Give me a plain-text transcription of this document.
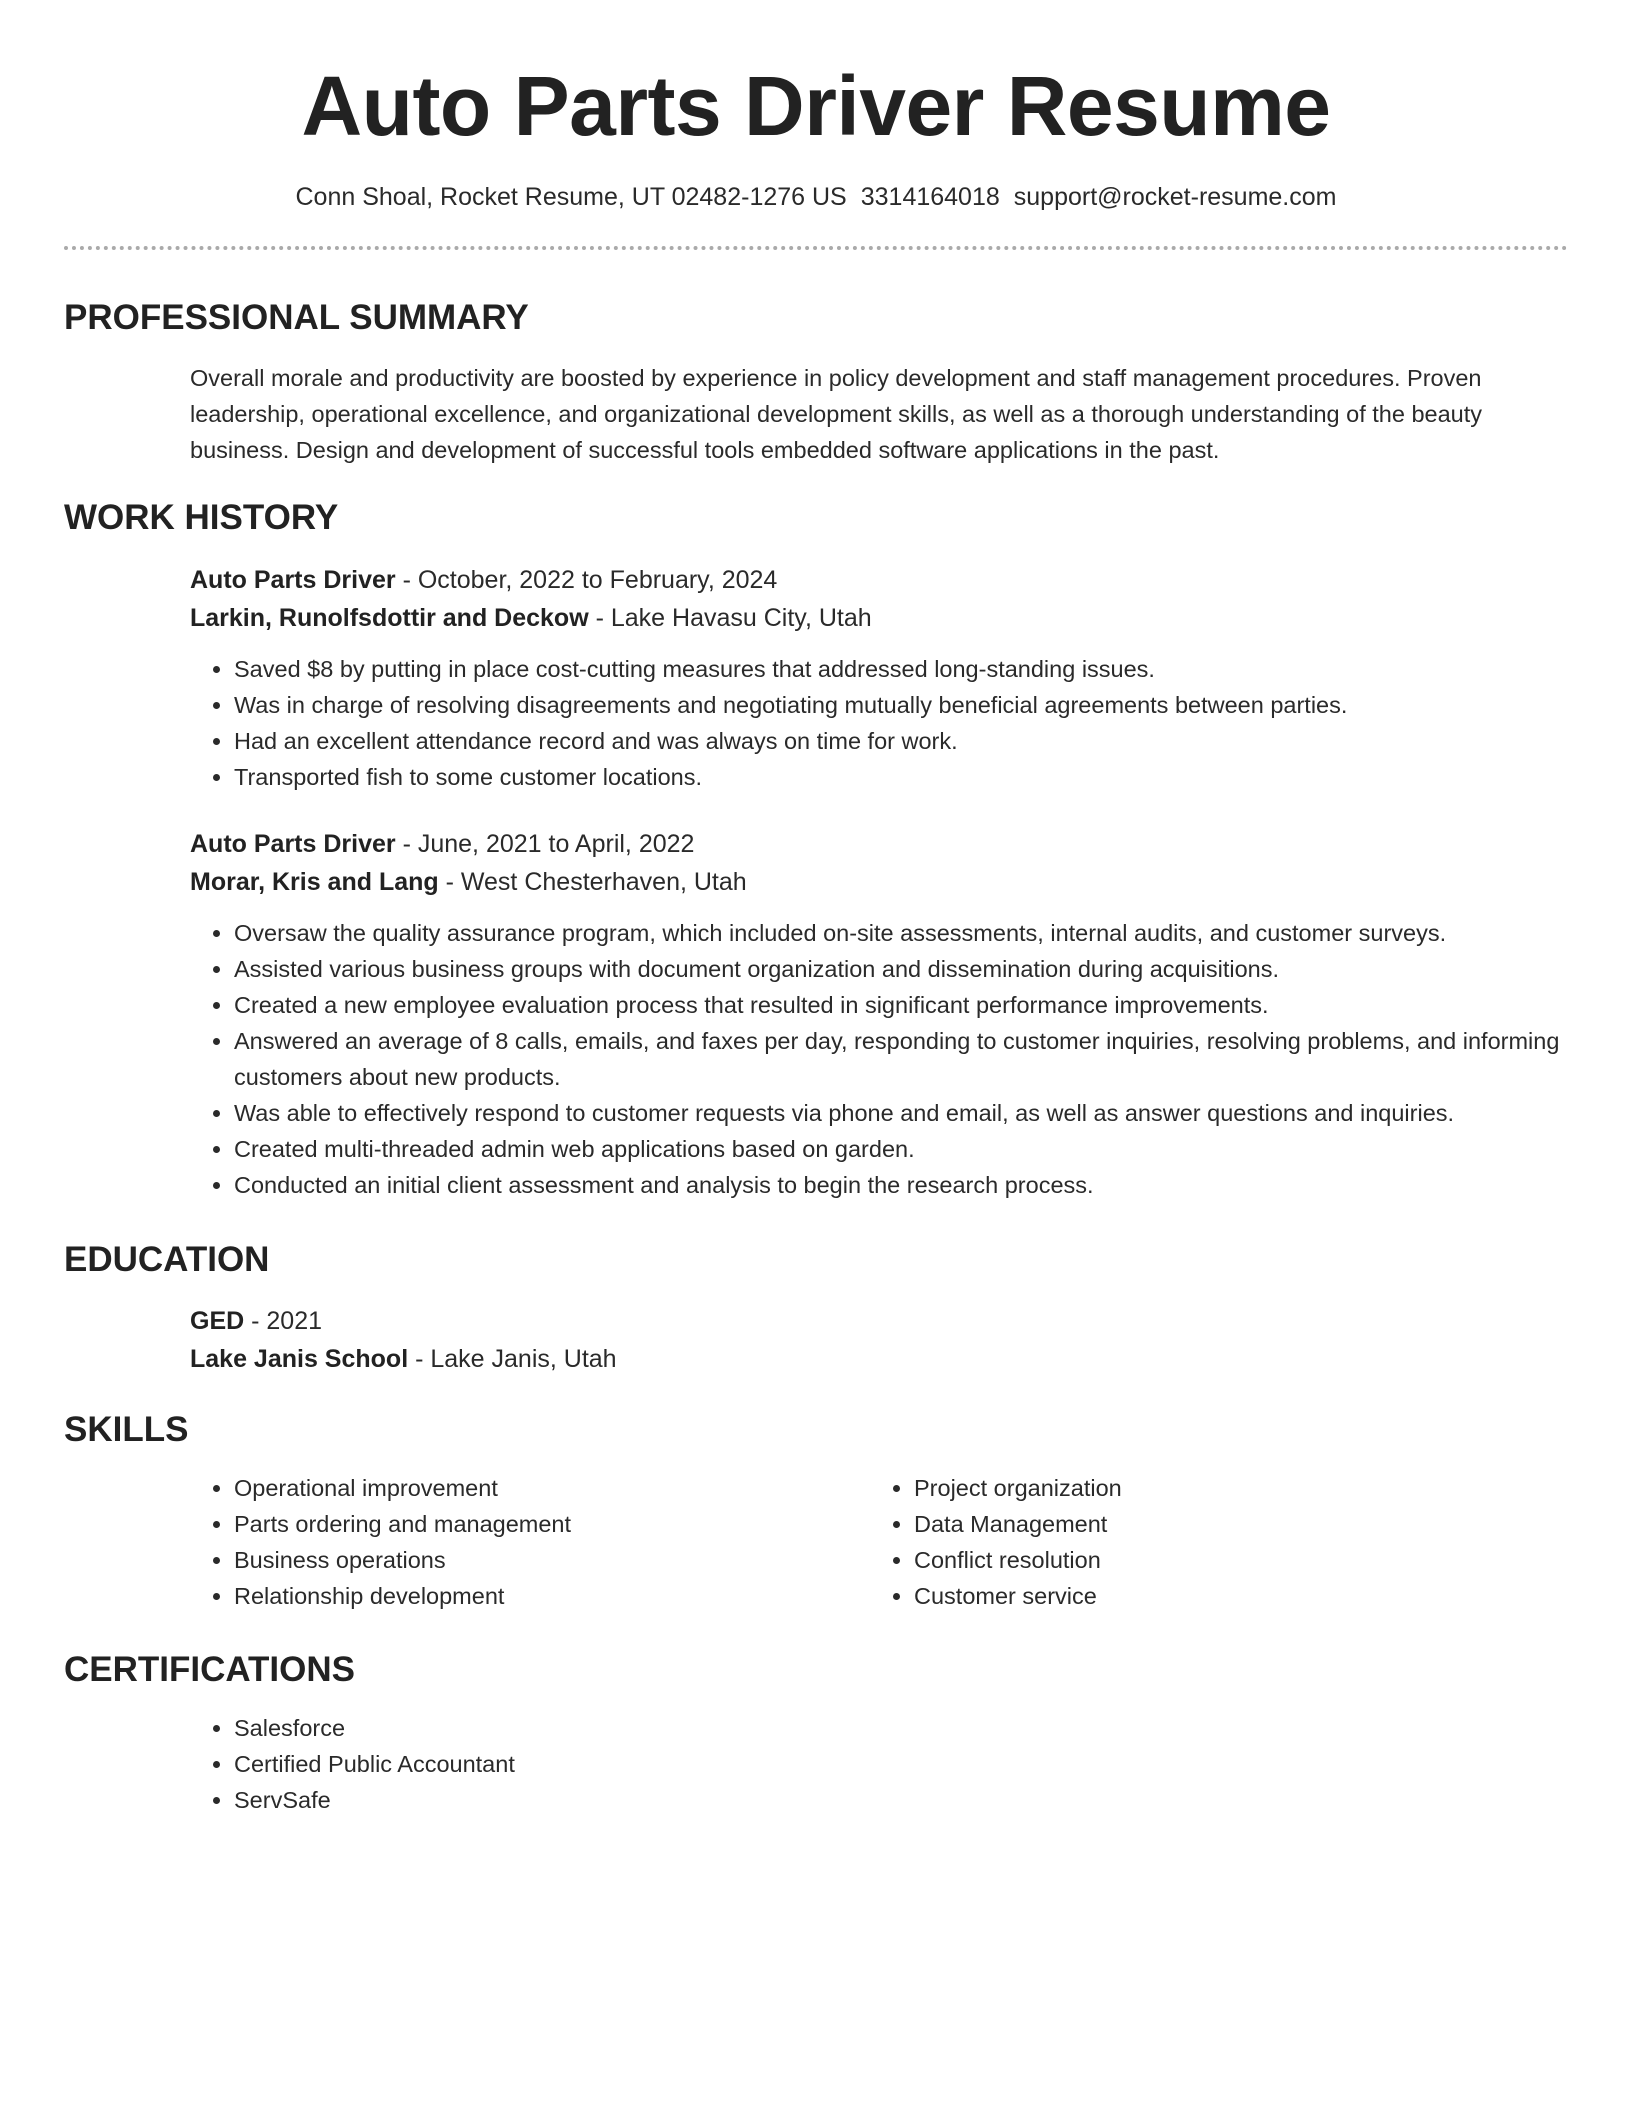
Auto Parts Driver Resume
Conn Shoal, Rocket Resume, UT 02482-1276 US 3314164018 support@rocket-resume.com
PROFESSIONAL SUMMARY
Overall morale and productivity are boosted by experience in policy development and staff management procedures. Proven leadership, operational excellence, and organizational development skills, as well as a thorough understanding of the beauty business. Design and development of successful tools embedded software applications in the past.
WORK HISTORY
Auto Parts Driver - October, 2022 to February, 2024
Larkin, Runolfsdottir and Deckow - Lake Havasu City, Utah
• Saved $8 by putting in place cost-cutting measures that addressed long-standing issues.
• Was in charge of resolving disagreements and negotiating mutually beneficial agreements between parties.
• Had an excellent attendance record and was always on time for work.
• Transported fish to some customer locations.
Auto Parts Driver - June, 2021 to April, 2022
Morar, Kris and Lang - West Chesterhaven, Utah
• Oversaw the quality assurance program, which included on-site assessments, internal audits, and customer surveys.
• Assisted various business groups with document organization and dissemination during acquisitions.
• Created a new employee evaluation process that resulted in significant performance improvements.
• Answered an average of 8 calls, emails, and faxes per day, responding to customer inquiries, resolving problems, and informing customers about new products.
• Was able to effectively respond to customer requests via phone and email, as well as answer questions and inquiries.
• Created multi-threaded admin web applications based on garden.
• Conducted an initial client assessment and analysis to begin the research process.
EDUCATION
GED - 2021
Lake Janis School - Lake Janis, Utah
SKILLS
• Operational improvement
• Parts ordering and management
• Business operations
• Relationship development
• Project organization
• Data Management
• Conflict resolution
• Customer service
CERTIFICATIONS
• Salesforce
• Certified Public Accountant
• ServSafe
